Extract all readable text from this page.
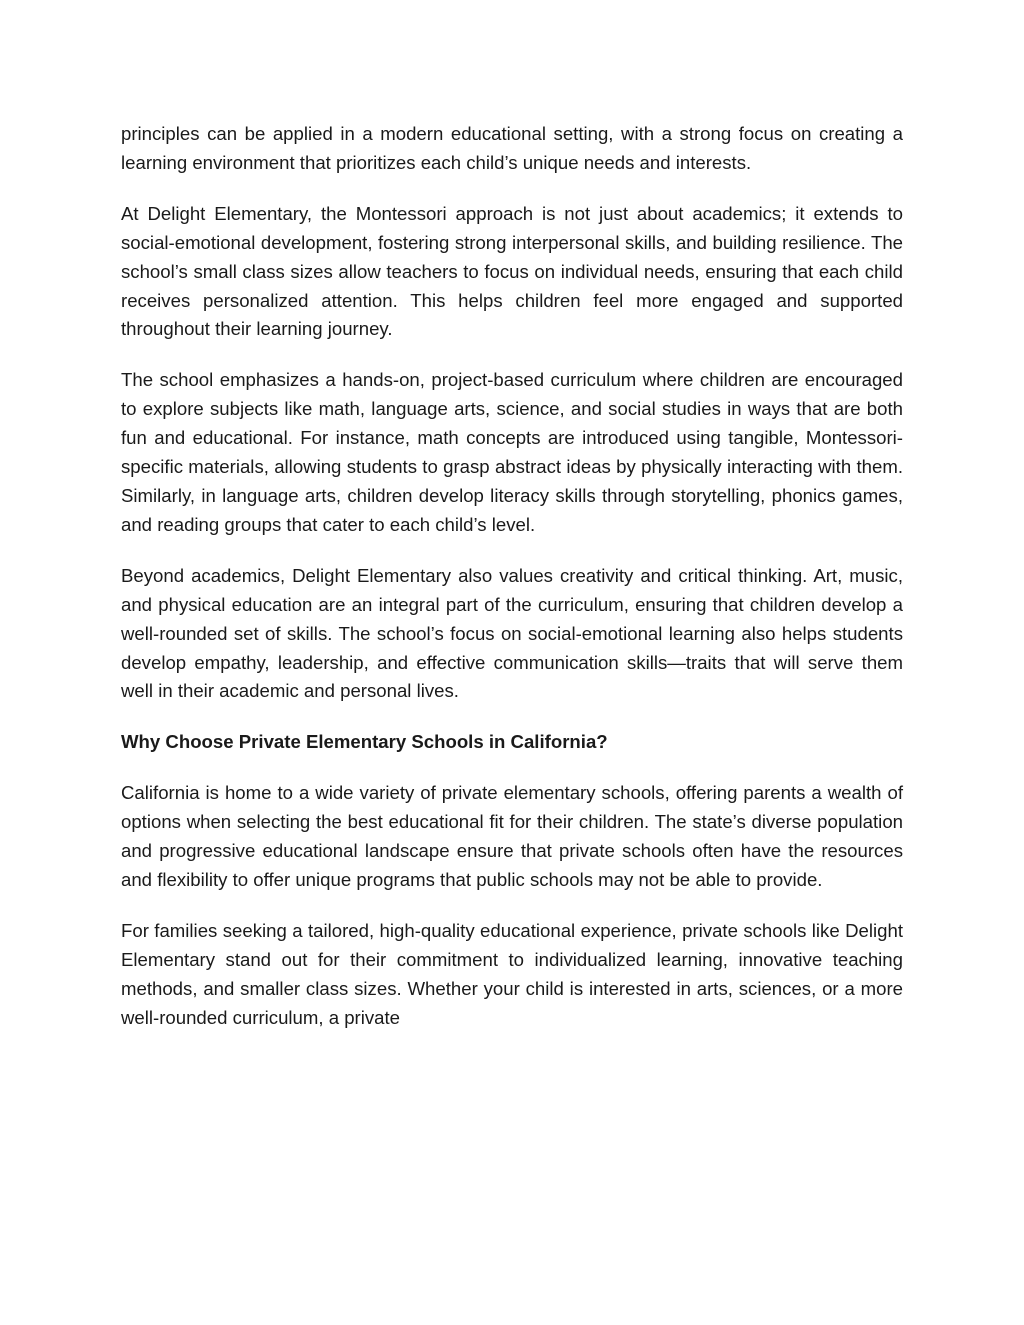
principles can be applied in a modern educational setting, with a strong focus on creating a learning environment that prioritizes each child’s unique needs and interests.

At Delight Elementary, the Montessori approach is not just about academics; it extends to social-emotional development, fostering strong interpersonal skills, and building resilience. The school’s small class sizes allow teachers to focus on individual needs, ensuring that each child receives personalized attention. This helps children feel more engaged and supported throughout their learning journey.

The school emphasizes a hands-on, project-based curriculum where children are encouraged to explore subjects like math, language arts, science, and social studies in ways that are both fun and educational. For instance, math concepts are introduced using tangible, Montessori-specific materials, allowing students to grasp abstract ideas by physically interacting with them. Similarly, in language arts, children develop literacy skills through storytelling, phonics games, and reading groups that cater to each child’s level.

Beyond academics, Delight Elementary also values creativity and critical thinking. Art, music, and physical education are an integral part of the curriculum, ensuring that children develop a well-rounded set of skills. The school’s focus on social-emotional learning also helps students develop empathy, leadership, and effective communication skills—traits that will serve them well in their academic and personal lives.

Why Choose Private Elementary Schools in California?

California is home to a wide variety of private elementary schools, offering parents a wealth of options when selecting the best educational fit for their children. The state’s diverse population and progressive educational landscape ensure that private schools often have the resources and flexibility to offer unique programs that public schools may not be able to provide.

For families seeking a tailored, high-quality educational experience, private schools like Delight Elementary stand out for their commitment to individualized learning, innovative teaching methods, and smaller class sizes. Whether your child is interested in arts, sciences, or a more well-rounded curriculum, a private
